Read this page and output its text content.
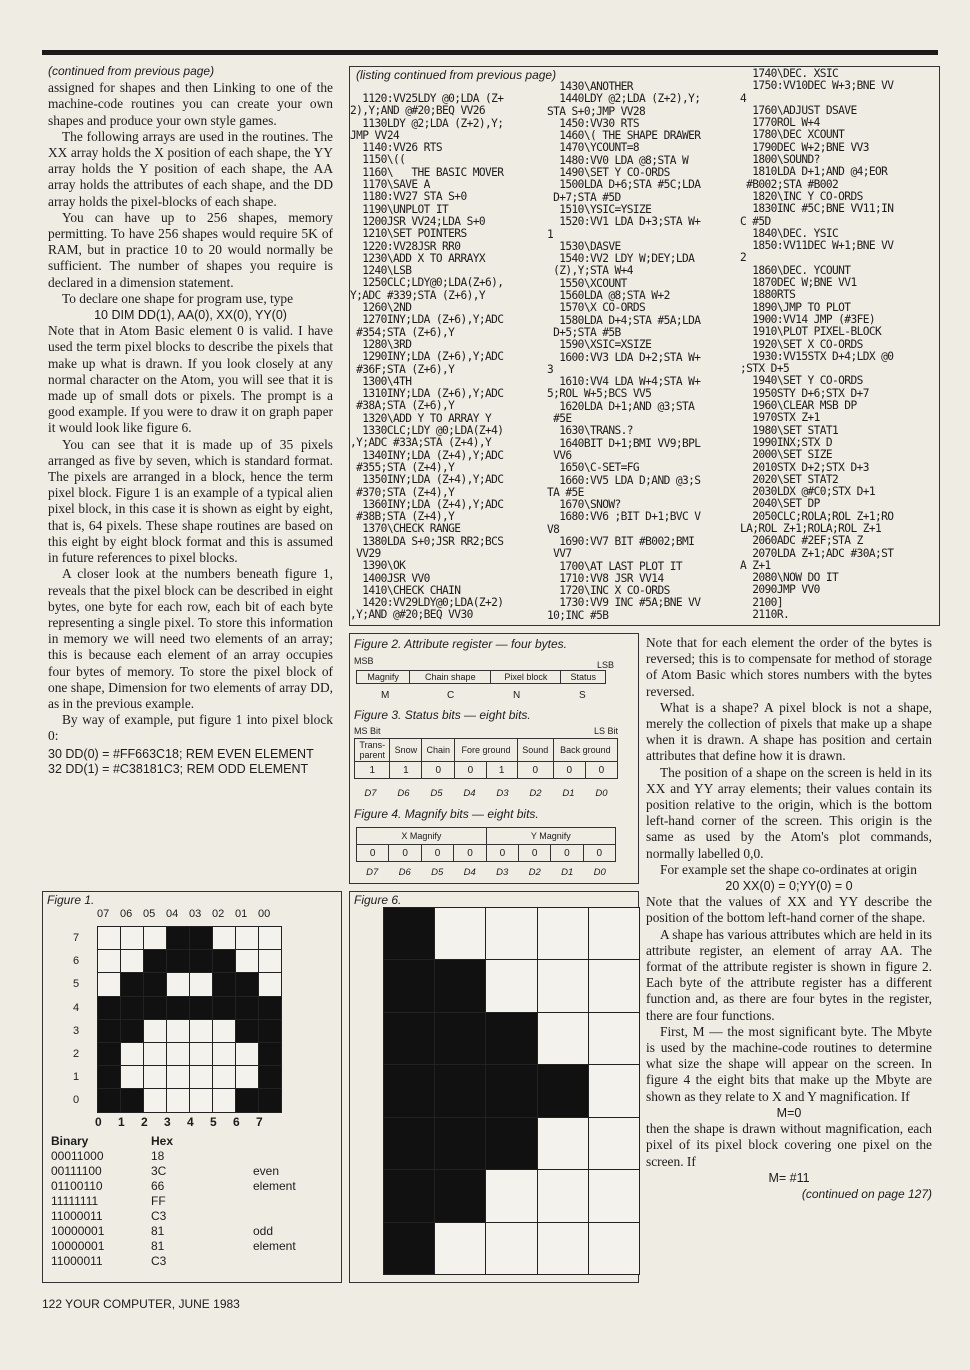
(continued from previous page)

assigned for shapes and then Linking to one of the machine-code routines you can create your own shapes and produce your own style games.

The following arrays are used in the routines. The XX array holds the X position of each shape, the YY array holds the Y position of each shape, the AA array holds the attributes of each shape, and the DD array holds the pixel-blocks of each shape.

You can have up to 256 shapes, memory permitting. To have 256 shapes would require 5K of RAM, but in practice 10 to 20 would normally be sufficient. The number of shapes you require is declared in a dimension statement.

To declare one shape for program use, type

10 DIM DD(1), AA(0), XX(0), YY(0)

Note that in Atom Basic element 0 is valid. I have used the term pixel blocks to describe the pixels that make up what is drawn. If you look closely at any normal character on the Atom, you will see that it is made up of small dots or pixels. The prompt is a good example. If you were to draw it on graph paper it would look like figure 6.

You can see that it is made up of 35 pixels arranged as five by seven, which is standard format. The pixels are arranged in a block, hence the term pixel block. Figure 1 is an example of a typical alien pixel block, in this case it is shown as eight by eight, that is, 64 pixels. These shape routines are based on this eight by eight block format and this is assumed in future references to pixel blocks.

A closer look at the numbers beneath figure 1, reveals that the pixel block can be described in eight bytes, one byte for each row, each bit of each byte representing a single pixel. To store this information in memory we will need two elements of an array; this is because each element of an array occupies four bytes of memory. To store the pixel block of one shape, Dimension for two elements of array DD, as in the previous example.

By way of example, put figure 1 into pixel block 0:

30 DD(0) = #FF663C18; REM EVEN ELEMENT
32 DD(1) = #C38181C3; REM ODD ELEMENT
(listing continued from previous page)
1120:VV25LDY @0;LDA (Z+
2),Y;AND @#20;BEQ VV26
1130LDY @2;LDA (Z+2),Y;
JMP VV24
1140:VV26 RTS
1150\((
1160\   THE BASIC MOVER
1170\SAVE A
1180:VV27 STA S+0
1190\UNPLOT IT
1200JSR VV24;LDA S+0
1210\SET POINTERS
1220:VV28JSR RR0
1230\ADD X TO ARRAYX
1240\LSB
1250CLC;LDY@0;LDA(Z+6),
Y;ADC #339;STA (Z+6),Y
1260\2ND
1270INY;LDA (Z+6),Y;ADC
#354;STA (Z+6),Y
1280\3RD
1290INY;LDA (Z+6),Y;ADC
#36F;STA (Z+6),Y
1300\4TH
1310INY;LDA (Z+6),Y;ADC
#38A;STA (Z+6),Y
1320\ADD Y TO ARRAY Y
1330CLC;LDY @0;LDA(Z+4)
,Y;ADC #33A;STA (Z+4),Y
1340INY;LDA (Z+4),Y;ADC
#355;STA (Z+4),Y
1350INY;LDA (Z+4),Y;ADC
#370;STA (Z+4),Y
1360INY;LDA (Z+4),Y;ADC
#38B;STA (Z+4),Y
1370\CHECK RANGE
1380LDA S+0;JSR RR2;BCS
VV29
1390\OK
1400JSR VV0
1410\CHECK CHAIN
1420:VV29LDY@0;LDA(Z+2)
,Y;AND @#20;BEQ VV30
1430\ANOTHER
1440LDY @2;LDA (Z+2),Y;
STA S+0;JMP VV28
1450:VV30 RTS
1460\( THE SHAPE DRAWER
1470\YCOUNT=8
1480:VV0 LDA @8;STA W
1490\SET Y CO-ORDS
1500LDA D+6;STA #5C;LDA
D+7;STA #5D
1510\YSIC=YSIZE
1520:VV1 LDA D+3;STA W+
1
1530\DASVE
1540:VV2 LDY W;DEY;LDA
(Z),Y;STA W+4
1550\XCOUNT
1560LDA @8;STA W+2
1570\X CO-ORDS
1580LDA D+4;STA #5A;LDA
D+5;STA #5B
1590\XSIC=XSIZE
1600:VV3 LDA D+2;STA W+
3
1610:VV4 LDA W+4;STA W+
5;ROL W+5;BCS VV5
1620LDA D+1;AND @3;STA
#5E
1630\TRANS.?
1640BIT D+1;BMI VV9;BPL
VV6
1650\C-SET=FG
1660:VV5 LDA D;AND @3;S
TA #5E
1670\SNOW?
1680:VV6 ;BIT D+1;BVC V
V8
1690:VV7 BIT #B002;BMI
VV7
1700\AT LAST PLOT IT
1710:VV8 JSR VV14
1720\INC X CO-ORDS
1730:VV9 INC #5A;BNE VV
10;INC #5B
1740\DEC. XSIC
1750:VV10DEC W+3;BNE VV
4
1760\ADJUST DSAVE
1770ROL W+4
1780\DEC XCOUNT
1790DEC W+2;BNE VV3
1800\SOUND?
1810LDA D+1;AND @4;EOR
#B002;STA #B002
1820\INC Y CO-ORDS
1830INC #5C;BNE VV11;IN
C #5D
1840\DEC. YSIC
1850:VV11DEC W+1;BNE VV
2
1860\DEC. YCOUNT
1870DEC W;BNE VV1
1880RTS
1890\JMP TO PLOT
1900:VV14 JMP (#3FE)
1910\PLOT PIXEL-BLOCK
1920\SET X CO-ORDS
1930:VV15STX D+4;LDX @0
;STX D+5
1940\SET Y CO-ORDS
1950STY D+6;STX D+7
1960\CLEAR MSB DP
1970STX Z+1
1980\SET STAT1
1990INX;STX D
2000\SET SIZE
2010STX D+2;STX D+3
2020\SET STAT2
2030LDX @#C0;STX D+1
2040\SET DP
2050CLC;ROLA;ROL Z+1;RO
LA;ROL Z+1;ROLA;ROL Z+1
2060ADC #2EF;STA Z
2070LDA Z+1;ADC #30A;ST
A Z+1
2080\NOW DO IT
2090JMP VV0
2100]
2110R.
Figure 2. Attribute register — four bytes.
MSB	LSB
Magnify	Chain shape	Pixel block	Status
M	C	N	S
Figure 3. Status bits — eight bits.
MS Bit	LS Bit
Trans-
parent	Snow	Chain	Fore ground		Sound	Back ground	
1	1	0	0	1	0	0	0
D7	D6	D5	D4	D3	D2	D1	D0
Figure 4. Magnify bits — eight bits.
X Magnify				Y Magnify			
0	0	0	0	0	0	0	0
D7	D6	D5	D4	D3	D2	D1	D0
Figure 1.
07 06 05 04 03 02 01 00
7
6
5
4
3
2
1
0
0 1 2 3 4 5 6 7
Binary	Hex
00011000	18
00111100	3C	even
01100110	66	element
11111111	FF
11000011	C3
10000001	81	odd
10000001	81	element
11000011	C3
Figure 6.

Note that for each element the order of the bytes is reversed; this is to compensate for method of storage of Atom Basic which stores numbers with the bytes reversed.

What is a shape? A pixel block is not a shape, merely the collection of pixels that make up a shape when it is drawn. A shape has position and certain attributes that define how it is drawn.

The position of a shape on the screen is held in its XX and YY array elements; their values contain its position relative to the origin, which is the bottom left-hand corner of the screen. This origin is the same as used by the Atom's plot commands, normally labelled 0,0.

For example set the shape co-ordinates at origin

20 XX(0) = 0;YY(0) = 0

Note that the values of XX and YY describe the position of the bottom left-hand corner of the shape.

A shape has various attributes which are held in its attribute register, an element of array AA. The format of the attribute register is shown in figure 2. Each byte of the attribute register has a different function and, as there are four bytes in the register, there are four functions.

First, M — the most significant byte. The Mbyte is used by the machine-code routines to determine what size the shape will appear on the screen. In figure 4 the eight bits that make up the Mbyte are shown as they relate to X and Y magnification. If

M=0

then the shape is drawn without magnification, each pixel of its pixel block covering one pixel on the screen. If

M= #11

(continued on page 127)
122 YOUR COMPUTER, JUNE 1983
